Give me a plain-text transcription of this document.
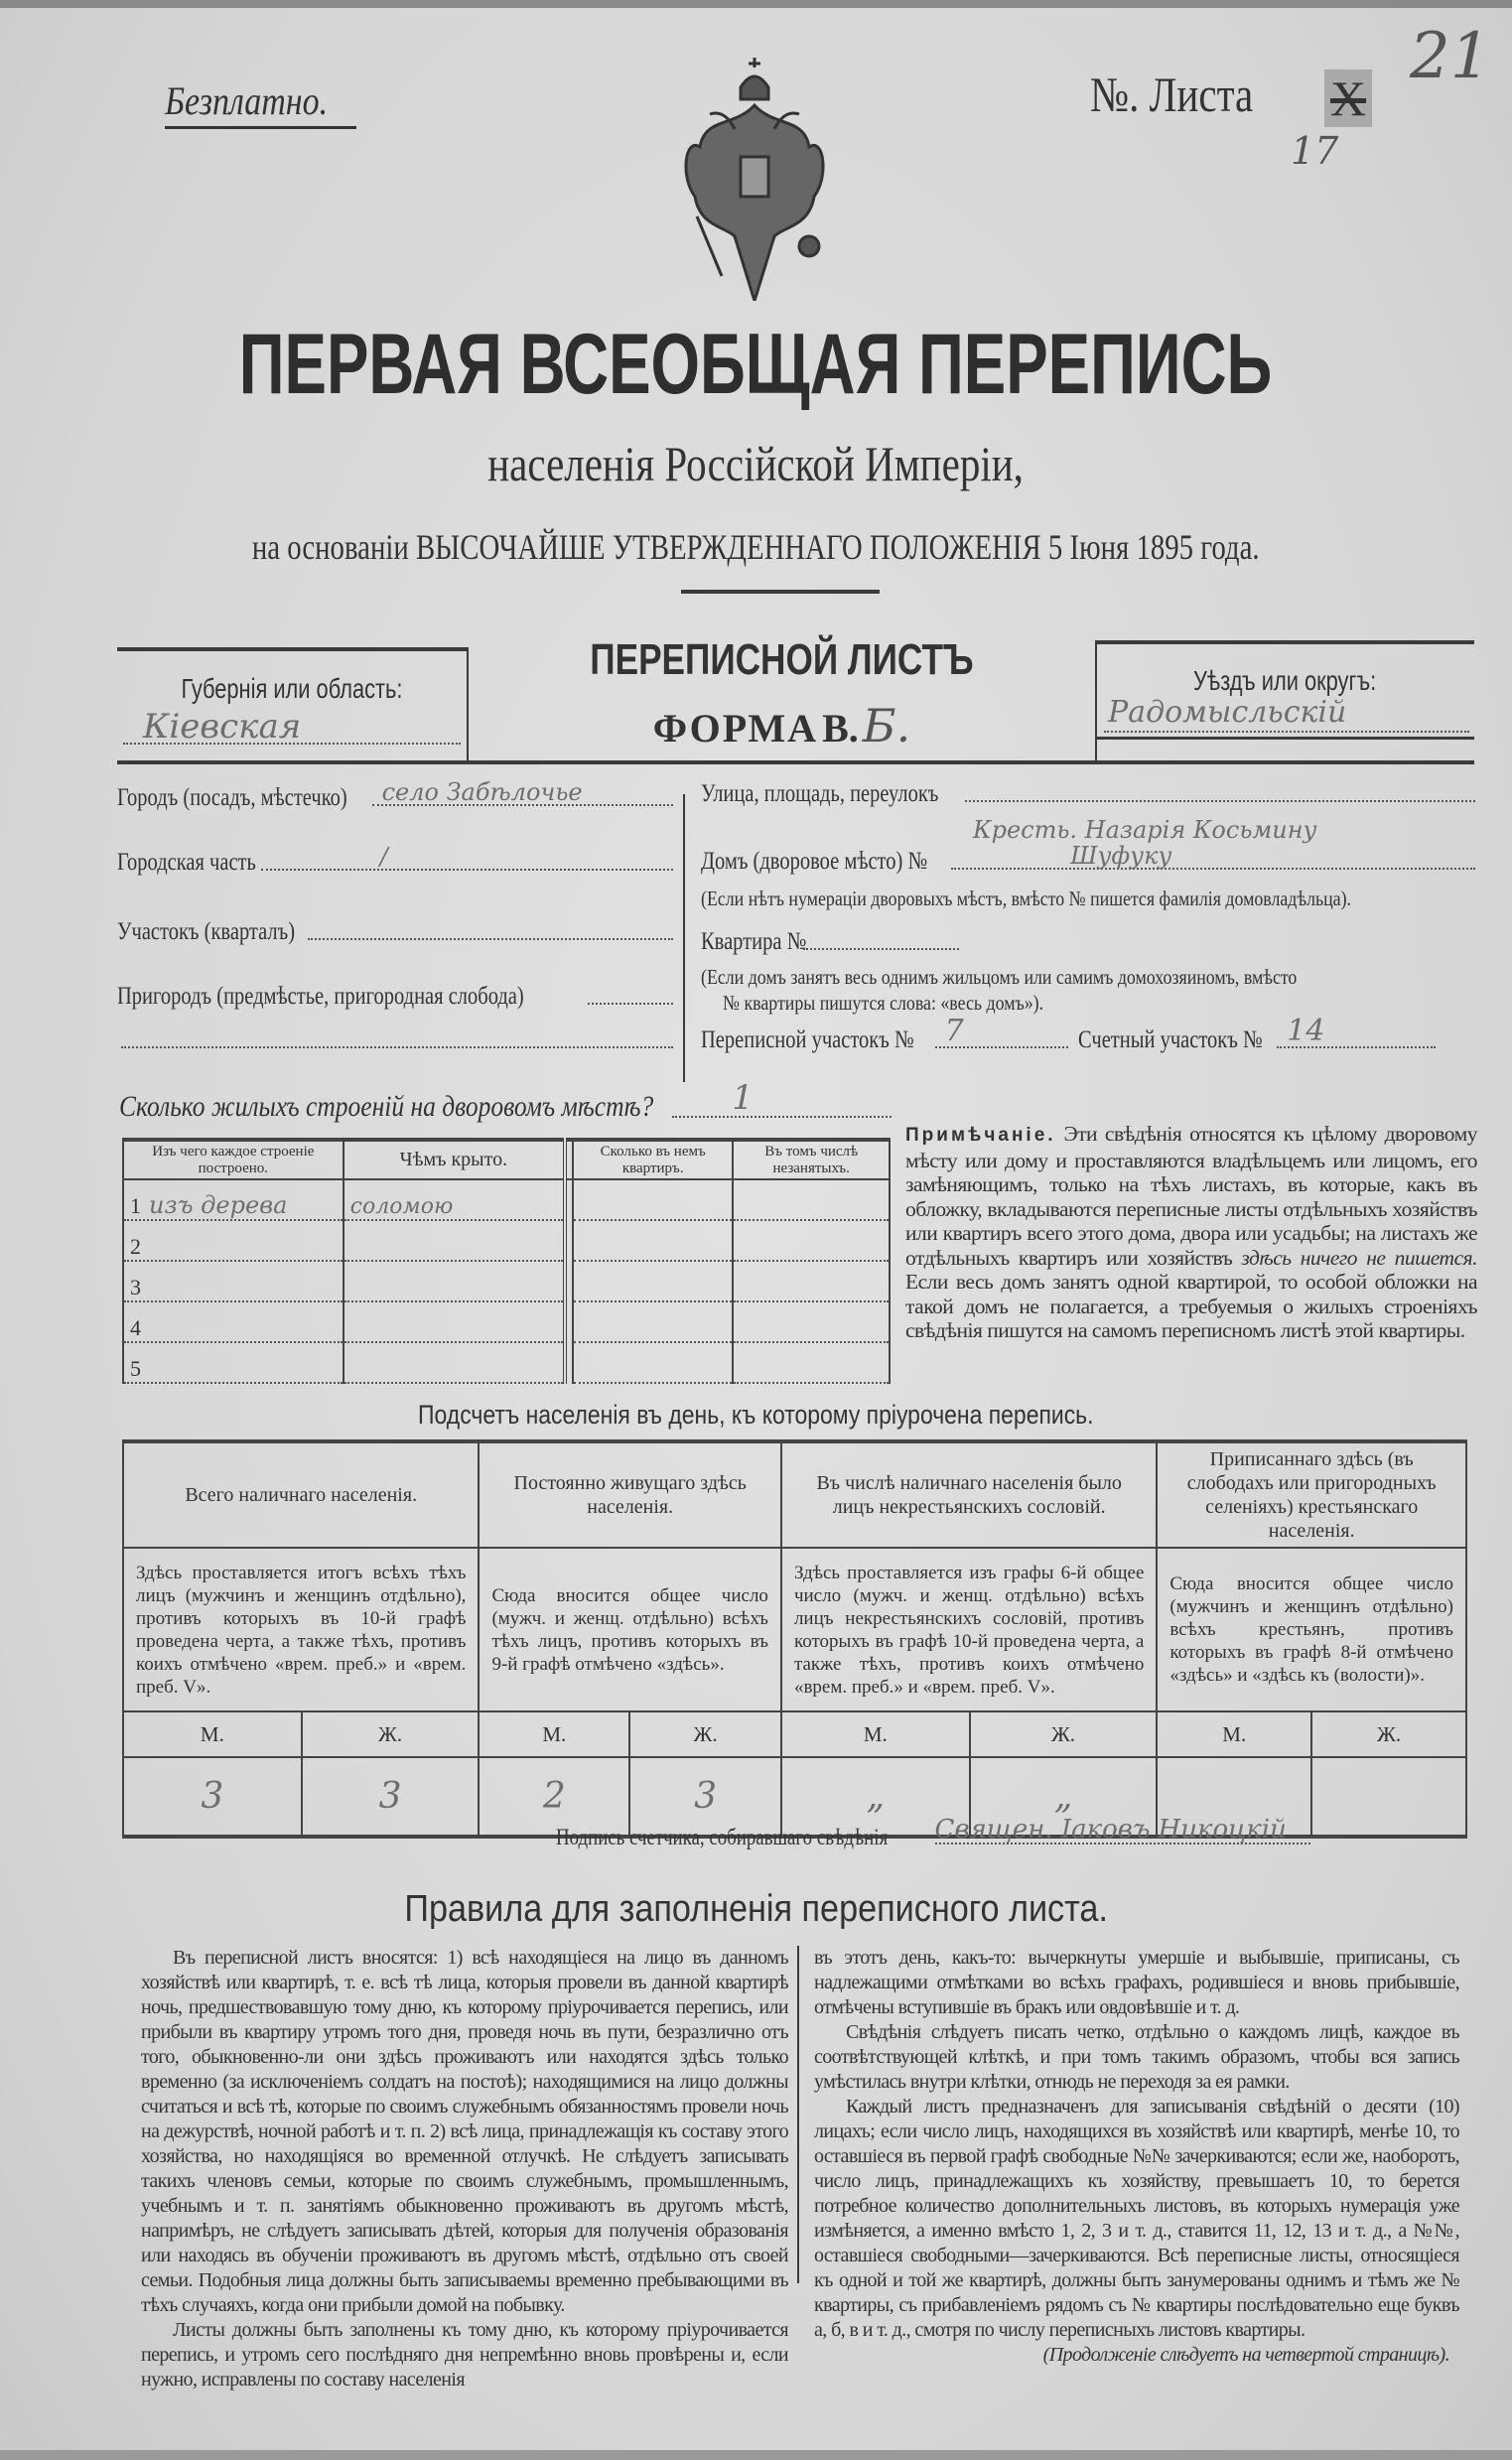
Безплатно.	№. Листа X
21
17
ПЕРВАЯ ВСЕОБЩАЯ ПЕРЕПИСЬ
населенія Россійской Имперіи,
на основаніи ВЫСОЧАЙШЕ УТВЕРЖДЕННАГО ПОЛОЖЕНІЯ 5 Іюня 1895 года.
Губернія или область:
Кіевская
ПЕРЕПИСНОЙ ЛИСТЪ
ФОРМА В. Б.
Уѣздъ или округъ:
Радомысльскій
Городъ (посадъ, мѣстечко) село Забѣлочье
Городская часть	/
Участокъ (кварталъ)
Пригородъ (предмѣстье, пригородная слобода)
Улица, площадь, переулокъ
Кресть. Назарія Косьмину
Домъ (дворовое мѣсто) №	Шуфуку
(Если нѣтъ нумераціи дворовыхъ мѣстъ, вмѣсто № пишется фамилія домовладѣльца).
Квартира №
(Если домъ занятъ весь однимъ жильцомъ или самимъ домохозяиномъ, вмѣсто
№ квартиры пишутся слова: «весь домъ»).
Переписной участокъ № 7	Счетный участокъ № 14
Сколько жилыхъ строеній на дворовомъ мѣстѣ? 1
Изъ чего каждое строеніе построено.	Чѣмъ крыто.		Сколько въ немъ квартиръ.	Въ томъ числѣ незанятыхъ.
1 изъ дерева	соломою			
2				
3				
4				
5				
Примѣчаніе. Эти свѣдѣнія относятся къ цѣлому дворовому мѣсту или дому и проставляются владѣльцемъ или лицомъ, его замѣняющимъ, только на тѣхъ листахъ, въ которые, какъ въ обложку, вкладываются переписные листы отдѣльныхъ хозяйствъ или квартиръ всего этого дома, двора или усадьбы; на листахъ же отдѣльныхъ квартиръ или хозяйствъ здѣсь ничего не пишется. Если весь домъ занятъ одной квартирой, то особой обложки на такой домъ не полагается, а требуемыя о жилыхъ строеніяхъ свѣдѣнія пишутся на самомъ переписномъ листѣ этой квартиры.
Подсчетъ населенія въ день, къ которому пріурочена перепись.
Всего наличнаго населенія.		Постоянно живущаго здѣсь населенія.		Въ числѣ наличнаго населенія было лицъ некрестьянскихъ сословій.		Приписаннаго здѣсь (въ слободахъ или пригородныхъ селеніяхъ) крестьянскаго населенія.	
Здѣсь проставляется итогъ всѣхъ тѣхъ лицъ (мужчинъ и женщинъ отдѣльно), противъ которыхъ въ 10-й графѣ проведена черта, а также тѣхъ, противъ коихъ отмѣчено «врем. преб.» и «врем. преб. V».		Сюда вносится общее число (мужч. и женщ. отдѣльно) всѣхъ тѣхъ лицъ, противъ которыхъ въ 9-й графѣ отмѣчено «здѣсь».		Здѣсь проставляется изъ графы 6-й общее число (мужч. и женщ. отдѣльно) всѣхъ лицъ некрестьянскихъ сословій, противъ которыхъ въ графѣ 10-й проведена черта, а также тѣхъ, противъ коихъ отмѣчено «врем. преб.» и «врем. преб. V».		Сюда вносится общее число (мужчинъ и женщинъ отдѣльно) всѣхъ крестьянъ, противъ которыхъ въ графѣ 8-й отмѣчено «здѣсь» и «здѣсь къ (волости)».	
М.	Ж.	М.	Ж.	М.	Ж.	М.	Ж.
3	3	2	3	„	„		
Подпись счетчика, собиравшаго свѣдѣнія Священ. Іаковъ Никоцкій
Правила для заполненія переписного листа.

Въ переписной листъ вносятся: 1) всѣ находящіеся на лицо въ данномъ хозяйствѣ или квартирѣ, т. е. всѣ тѣ лица, которыя провели въ данной квартирѣ ночь, предшествовавшую тому дню, къ которому пріурочивается перепись, или прибыли въ квартиру утромъ того дня, проведя ночь въ пути, безразлично отъ того, обыкновенно-ли они здѣсь проживаютъ или находятся здѣсь только временно (за исключеніемъ солдатъ на постоѣ); находящимися на лицо должны считаться и всѣ тѣ, которые по своимъ служебнымъ обязанностямъ провели ночь на дежурствѣ, ночной работѣ и т. п. 2) всѣ лица, принадлежащія къ составу этого хозяйства, но находящіяся во временной отлучкѣ. Не слѣдуетъ записывать такихъ членовъ семьи, которые по своимъ служебнымъ, промышленнымъ, учебнымъ и т. п. занятіямъ обыкновенно проживаютъ въ другомъ мѣстѣ, напримѣръ, не слѣдуетъ записывать дѣтей, которыя для полученія образованія или находясь въ обученіи проживаютъ въ другомъ мѣстѣ, отдѣльно отъ своей семьи. Подобныя лица должны быть записываемы временно пребывающими въ тѣхъ случаяхъ, когда они прибыли домой на побывку.

Листы должны быть заполнены къ тому дню, къ которому пріурочивается перепись, и утромъ сего послѣдняго дня непремѣнно вновь провѣрены и, если нужно, исправлены по составу населенія

въ этотъ день, какъ-то: вычеркнуты умершіе и выбывшіе, приписаны, съ надлежащими отмѣтками во всѣхъ графахъ, родившіеся и вновь прибывшіе, отмѣчены вступившіе въ бракъ или овдовѣвшіе и т. д.

Свѣдѣнія слѣдуетъ писать четко, отдѣльно о каждомъ лицѣ, каждое въ соотвѣтствующей клѣткѣ, и при томъ такимъ образомъ, чтобы вся запись умѣстилась внутри клѣтки, отнюдь не переходя за ея рамки.

Каждый листъ предназначенъ для записыванія свѣдѣній о десяти (10) лицахъ; если число лицъ, находящихся въ хозяйствѣ или квартирѣ, менѣе 10, то оставшіеся въ первой графѣ свободные №№ зачеркиваются; если же, наоборотъ, число лицъ, принадлежащихъ къ хозяйству, превышаетъ 10, то берется потребное количество дополнительныхъ листовъ, въ которыхъ нумерація уже измѣняется, а именно вмѣсто 1, 2, 3 и т. д., ставится 11, 12, 13 и т. д., а №№, оставшіеся свободными—зачеркиваются. Всѣ переписные листы, относящіеся къ одной и той же квартирѣ, должны быть занумерованы однимъ и тѣмъ же № квартиры, съ прибавленіемъ рядомъ съ № квартиры послѣдовательно еще буквъ а, б, в и т. д., смотря по числу переписныхъ листовъ квартиры.

(Продолженіе слѣдуетъ на четвертой страницѣ).
